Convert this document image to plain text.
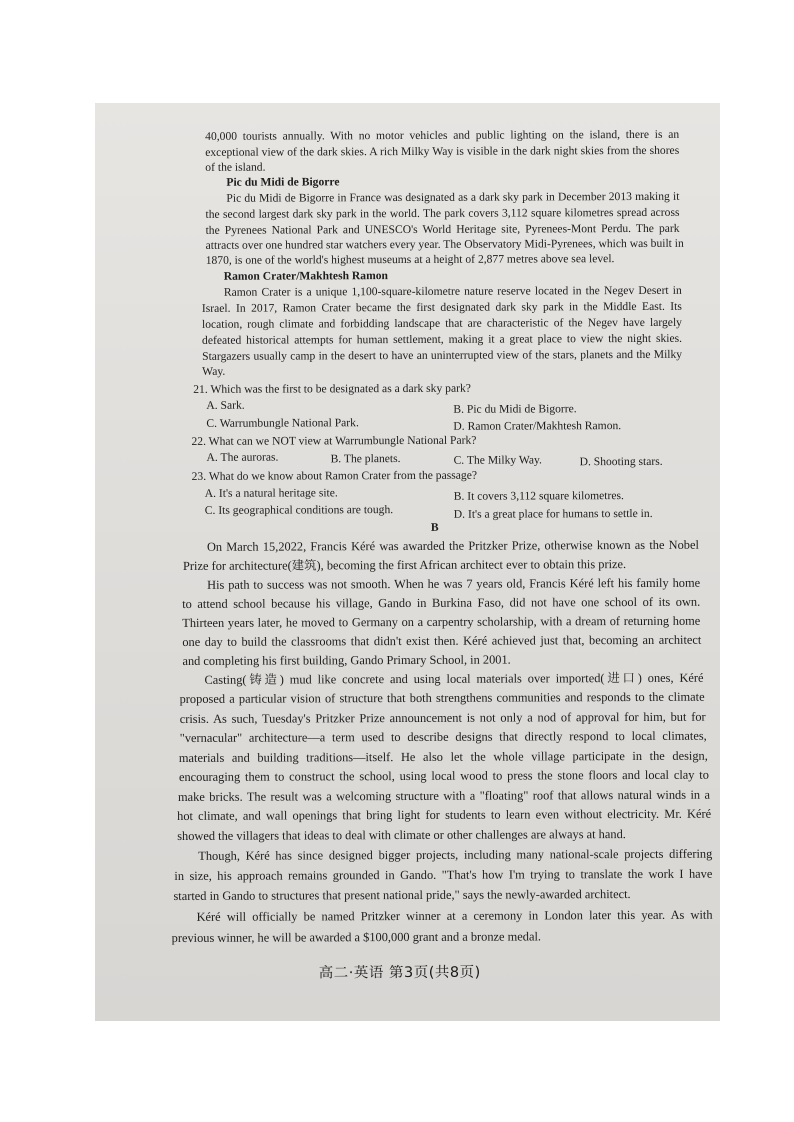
40,000 tourists annually. With no motor vehicles and public lighting on the island, there is an
exceptional view of the dark skies. A rich Milky Way is visible in the dark night skies from the shores
of the island.
Pic du Midi de Bigorre
Pic du Midi de Bigorre in France was designated as a dark sky park in December 2013 making it
the second largest dark sky park in the world. The park covers 3,112 square kilometres spread across
the Pyrenees National Park and UNESCO's World Heritage site, Pyrenees-Mont Perdu. The park
attracts over one hundred star watchers every year. The Observatory Midi-Pyrenees, which was built in
1870, is one of the world's highest museums at a height of 2,877 metres above sea level.
Ramon Crater/Makhtesh Ramon
Ramon Crater is a unique 1,100-square-kilometre nature reserve located in the Negev Desert in
Israel. In 2017, Ramon Crater became the first designated dark sky park in the Middle East. Its
location, rough climate and forbidding landscape that are characteristic of the Negev have largely
defeated historical attempts for human settlement, making it a great place to view the night skies.
Stargazers usually camp in the desert to have an uninterrupted view of the stars, planets and the Milky
Way.
21. Which was the first to be designated as a dark sky park?
A. Sark.	B. Pic du Midi de Bigorre.
C. Warrumbungle National Park.	D. Ramon Crater/Makhtesh Ramon.
22. What can we NOT view at Warrumbungle National Park?
A. The auroras.	B. The planets.	C. The Milky Way.	D. Shooting stars.
23. What do we know about Ramon Crater from the passage?
A. It's a natural heritage site.	B. It covers 3,112 square kilometres.
C. Its geographical conditions are tough.	D. It's a great place for humans to settle in.
B
On March 15,2022, Francis Kéré was awarded the Pritzker Prize, otherwise known as the Nobel
Prize for architecture(建筑), becoming the first African architect ever to obtain this prize.
His path to success was not smooth. When he was 7 years old, Francis Kéré left his family home
to attend school because his village, Gando in Burkina Faso, did not have one school of its own.
Thirteen years later, he moved to Germany on a carpentry scholarship, with a dream of returning home
one day to build the classrooms that didn't exist then. Kéré achieved just that, becoming an architect
and completing his first building, Gando Primary School, in 2001.
Casting(铸造) mud like concrete and using local materials over imported(进口) ones, Kéré
proposed a particular vision of structure that both strengthens communities and responds to the climate
crisis. As such, Tuesday's Pritzker Prize announcement is not only a nod of approval for him, but for
"vernacular" architecture—a term used to describe designs that directly respond to local climates,
materials and building traditions—itself. He also let the whole village participate in the design,
encouraging them to construct the school, using local wood to press the stone floors and local clay to
make bricks. The result was a welcoming structure with a "floating" roof that allows natural winds in a
hot climate, and wall openings that bring light for students to learn even without electricity. Mr. Kéré
showed the villagers that ideas to deal with climate or other challenges are always at hand.
Though, Kéré has since designed bigger projects, including many national-scale projects differing
in size, his approach remains grounded in Gando. "That's how I'm trying to translate the work I have
started in Gando to structures that present national pride," says the newly-awarded architect.
Kéré will officially be named Pritzker winner at a ceremony in London later this year. As with
previous winner, he will be awarded a $100,000 grant and a bronze medal.
高二·英语 第3页(共8页)
